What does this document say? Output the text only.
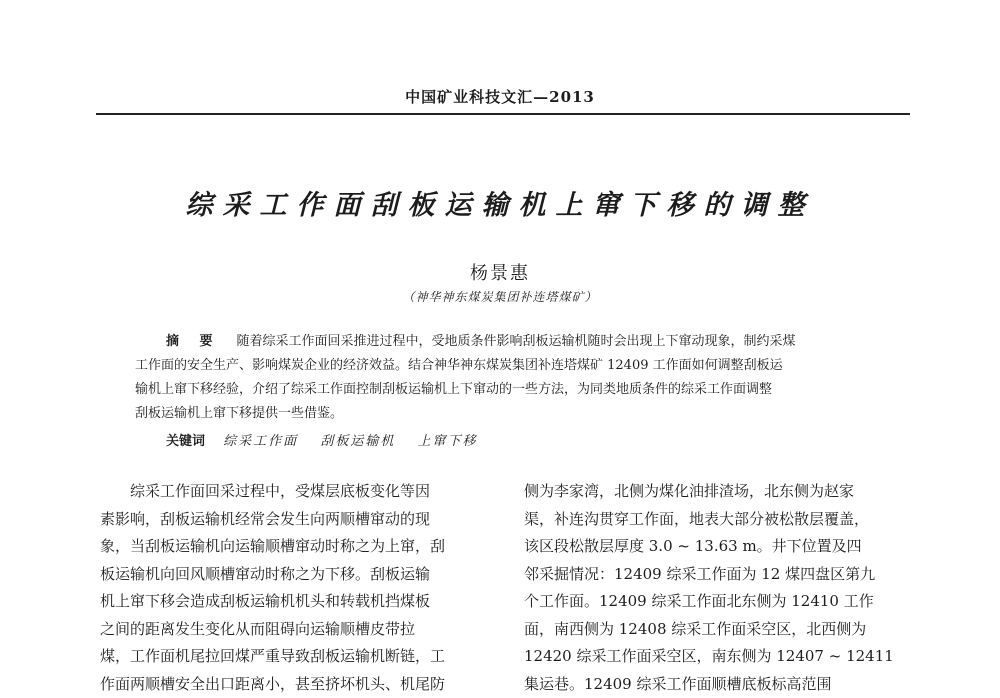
中国矿业科技文汇—2013
综采工作面刮板运输机上窜下移的调整
杨景惠
（神华神东煤炭集团补连塔煤矿）
摘 要 随着综采工作面回采推进过程中，受地质条件影响刮板运输机随时会出现上下窜动现象，制约采煤
工作面的安全生产、影响煤炭企业的经济效益。结合神华神东煤炭集团补连塔煤矿 12409 工作面如何调整刮板运
输机上窜下移经验，介绍了综采工作面控制刮板运输机上下窜动的一些方法，为同类地质条件的综采工作面调整
刮板运输机上窜下移提供一些借鉴。
关键词 综采工作面 刮板运输机 上窜下移
综采工作面回采过程中，受煤层底板变化等因
素影响，刮板运输机经常会发生向两顺槽窜动的现
象，当刮板运输机向运输顺槽窜动时称之为上窜，刮
板运输机向回风顺槽窜动时称之为下移。刮板运输
机上窜下移会造成刮板运输机机头和转载机挡煤板
之间的距离发生变化从而阻碍向运输顺槽皮带拉
煤，工作面机尾拉回煤严重导致刮板运输机断链，工
作面两顺槽安全出口距离小，甚至挤坏机头、机尾防
侧为李家湾，北侧为煤化油排渣场，北东侧为赵家
渠，补连沟贯穿工作面，地表大部分被松散层覆盖，
该区段松散层厚度 3.0 ~ 13.63 m。井下位置及四
邻采掘情况：12409 综采工作面为 12 煤四盘区第九
个工作面。12409 综采工作面北东侧为 12410 工作
面，南西侧为 12408 综采工作面采空区，北西侧为
12420 综采工作面采空区，南东侧为 12407 ~ 12411
集运巷。12409 综采工作面顺槽底板标高范围
